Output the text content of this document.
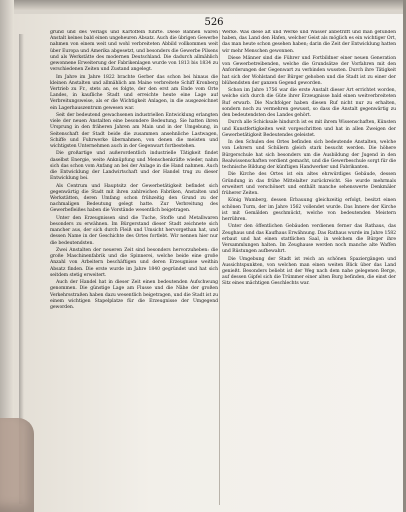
526

gründ und des Verlags und Kartoffeln führte. Diese Bahnen waren Anstalt keines bald einen ungeheuren Absatz. Auch die übrigen Gewerbe nahmen von einem weit und wohl verbreiteten Abbild vollkommen weit über Europa und Amerika abgesetzt, und besonders die Gewerbe Pilsens und als Werkstätte des modernen Deutschland. Die dadurch allmählich gewonnene Erweiterung der Fabrikenlagen wurde von 1813 bis 1834 zu verschiedenen Zeiten und Zustand angelegt.

Im Jahre im Jahre 1822 brachte Gerber das schon bei hinaus die kleinen Anstalten und allmählich am Maine verbreitete Schiff Kronberg Vertrieb zu Fr., stets an, es folgte, der den erst am Ende vom Orte Landes, in kaufliche Stadt und erreichte heute eine Lage auf Verbreitungsweise, als er die Wichtigkeit Anlagen, in die ausgezeichnet ein Lagerhauszentrum gewesen war.

Seit der bedeutend gewachsenen industriellen Entwicklung erlangten viele der neuen Anstalten eine besondere Bedeutung. Sie hatten ihren Ursprung in den fräheren Jahren am Main und in der Umgebung, in Seitenschaft der Stadt beide die zusammen ansehnliche Lastwagen, Schiffe und Fuhrwerke übernahmen, von denen die meisten und wichtigsten Unternehmen auch in der Gegenwart fortbestehen.

Die großartige und außerordentlich industrielle Tätigkeit findet daselbst Energie, weite Anknüpfung und Menschenkräfte wieder, nahm sich das schon vom Anfang an bei der Anlage in die Hand nahmen. Auch die Entwicklung der Landwirtschaft und der Handel trug zu dieser Entwicklung bei.

Als Centrum und Hauptsitz der Gewerbetätigkeit befindet sich gegenwärtig die Stadt mit ihren zahlreichen Fabriken, Anstalten und Werkstätten, deren Umfang schon frühzeitig den Grund zu der nachmaligen Bedeutung gelegt hatte. Zur Verbreitung des Gewerbefleißes haben die Vorstände wesentlich beigetragen.

Unter den Erzeugnissen sind die Tuche, Stoffe und Metallwaren besonders zu erwähnen. Im Bürgerstand dieser Stadt zeichnete sich mancher aus, der sich durch Fleiß und Umsicht hervorgethan hat, und dessen Name in der Geschichte des Ortes fortlebt. Wir nennen hier nur die bedeutendsten.

Zwei Anstalten der neueren Zeit sind besonders hervorzuheben: die große Maschinenfabrik und die Spinnerei, welche beide eine große Anzahl von Arbeitern beschäftigen und deren Erzeugnisse weithin Absatz finden. Die erste wurde im Jahre 1840 gegründet und hat sich seitdem stetig erweitert.

Auch der Handel hat in dieser Zeit einen bedeutenden Aufschwung genommen. Die günstige Lage am Flusse und die Nähe der großen Verkehrsstraßen haben dazu wesentlich beigetragen, und die Stadt ist zu einem wichtigen Stapelplatze für die Erzeugnisse der Umgegend geworden.

Werke. Was diese alt und Werke und Wasser anbetrifft und man gefunden haben, das Land den Hafen, welcher Geist als möglich es ein wichtiger Ort, das man heute schon gesehen haben; darin die Zeit der Entwicklung hatten wir mehr Menschen gewonnen.

Diese Männer sind die Führer und Fortbildner einer neuen Generation von Gewerbetreibenden, welche die Grundsätze der Vorfahren mit den Anforderungen der Gegenwart zu verbinden wussten. Durch ihre Tätigkeit hat sich der Wohlstand der Bürger gehoben und die Stadt ist zu einer der blühendsten der ganzen Gegend geworden.

Schon im Jahre 1756 war die erste Anstalt dieser Art errichtet worden, welche sich durch die Güte ihrer Erzeugnisse bald einen weitverbreiteten Ruf erwarb. Die Nachfolger haben diesen Ruf nicht nur zu erhalten, sondern noch zu vermehren gewusst, so dass die Anstalt gegenwärtig zu den bedeutendsten des Landes gehört.

Durch alle Schicksale hindurch ist es mit ihrem Wissenschaften, Künsten und Kunstfertigkeiten weit vorgeschritten und hat in allen Zweigen der Gewerbetätigkeit Bedeutendes geleistet.

In den Schulen des Ortes befinden sich bedeutende Anstalten, welche von Lehrern und Schülern gleich stark besucht werden. Die höhere Bürgerschule hat sich besonders um die Ausbildung der Jugend in den Realwissenschaften verdient gemacht, und die Gewerbeschule sorgt für die technische Bildung der künftigen Handwerker und Fabrikanten.

Die Kirche des Ortes ist ein altes ehrwürdiges Gebäude, dessen Gründung in das frühe Mittelalter zurückreicht. Sie wurde mehrmals erweitert und verschönert und enthält manche sehenswerte Denkmäler früherer Zeiten.

König Wamberg, dessen Erbauung gleichzeitig erfolgt, besitzt einen schönen Turm, der im Jahre 1562 vollendet wurde. Das Innere der Kirche ist mit Gemälden geschmückt, welche von bedeutenden Meistern herrühren.

Unter den öffentlichen Gebäuden verdienen ferner das Rathaus, das Zeughaus und das Kaufhaus Erwähnung. Das Rathaus wurde im Jahre 1582 erbaut und hat einen stattlichen Saal, in welchem die Bürger ihre Versammlungen halten. Im Zeughause werden noch manche alte Waffen und Rüstungen aufbewahrt.

Die Umgebung der Stadt ist reich an schönen Spaziergängen und Aussichtspunkten, von welchen man einen weiten Blick über das Land genießt. Besonders beliebt ist der Weg nach dem nahe gelegenen Berge, auf dessen Gipfel sich die Trümmer einer alten Burg befinden, die einst der Sitz eines mächtigen Geschlechts war.
